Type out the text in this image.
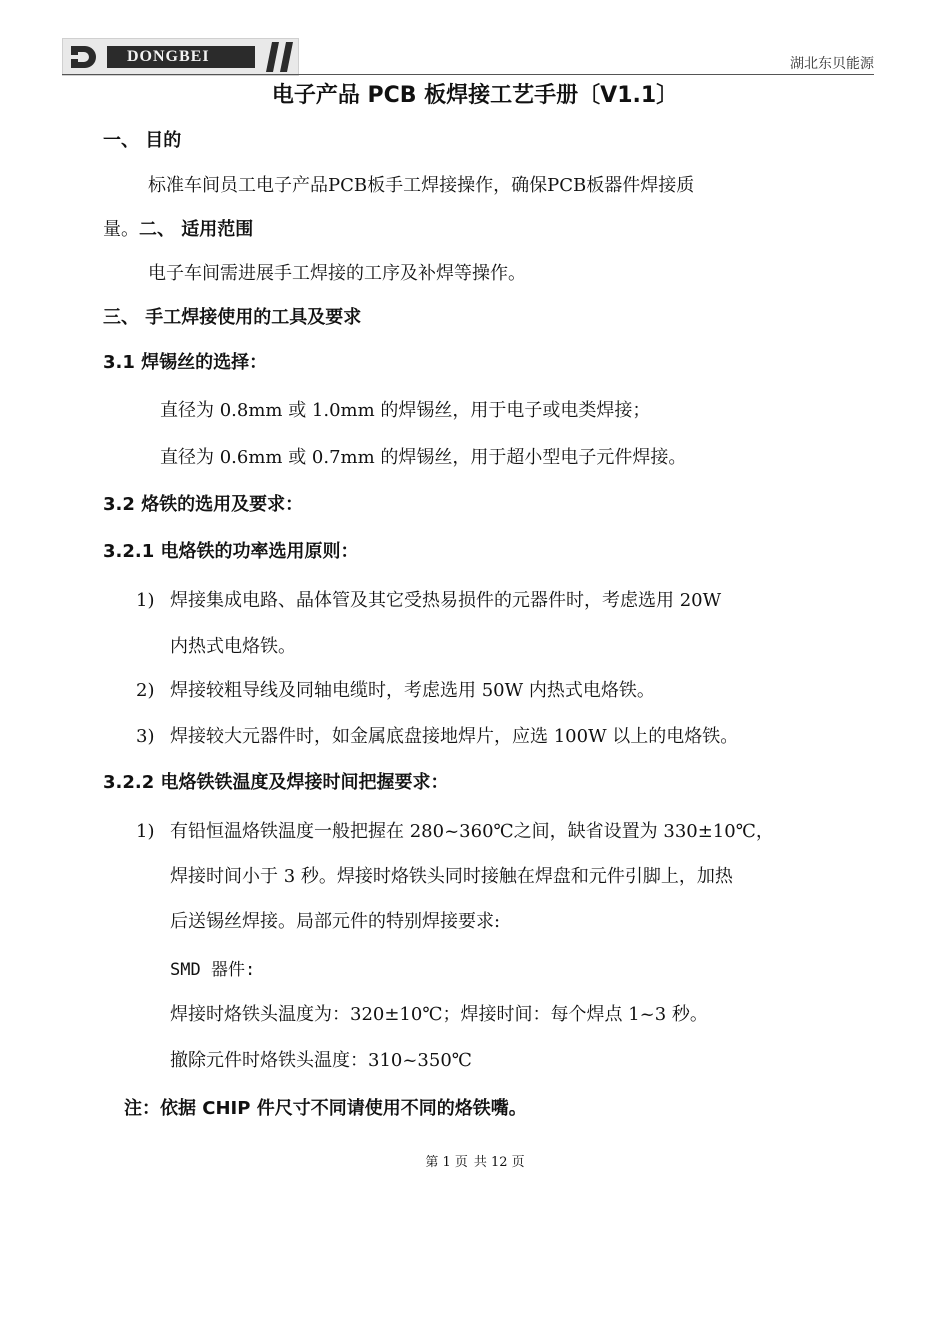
DONGBEI	湖北东贝能源
电子产品 PCB 板焊接工艺手册〔V1.1〕
一、 目的
标准车间员工电子产品PCB板手工焊接操作，确保PCB板器件焊接质
量。二、 适用范围
电子车间需进展手工焊接的工序及补焊等操作。
三、 手工焊接使用的工具及要求
3.1 焊锡丝的选择：
直径为 0.8mm 或 1.0mm 的焊锡丝，用于电子或电类焊接；
直径为 0.6mm 或 0.7mm 的焊锡丝，用于超小型电子元件焊接。
3.2 烙铁的选用及要求：
3.2.1 电烙铁的功率选用原则：
1) 焊接集成电路、晶体管及其它受热易损件的元器件时，考虑选用 20W
内热式电烙铁。
2) 焊接较粗导线及同轴电缆时，考虑选用 50W 内热式电烙铁。
3) 焊接较大元器件时，如金属底盘接地焊片，应选 100W 以上的电烙铁。
3.2.2 电烙铁铁温度及焊接时间把握要求：
1) 有铅恒温烙铁温度一般把握在 280~360℃之间，缺省设置为 330±10℃，
焊接时间小于 3 秒。焊接时烙铁头同时接触在焊盘和元件引脚上，加热
后送锡丝焊接。局部元件的特别焊接要求:
SMD 器件:
焊接时烙铁头温度为：320±10℃；焊接时间：每个焊点 1~3 秒。
撤除元件时烙铁头温度：310~350℃
注：依据 CHIP 件尺寸不同请使用不同的烙铁嘴。
第 1 页 共 12 页
